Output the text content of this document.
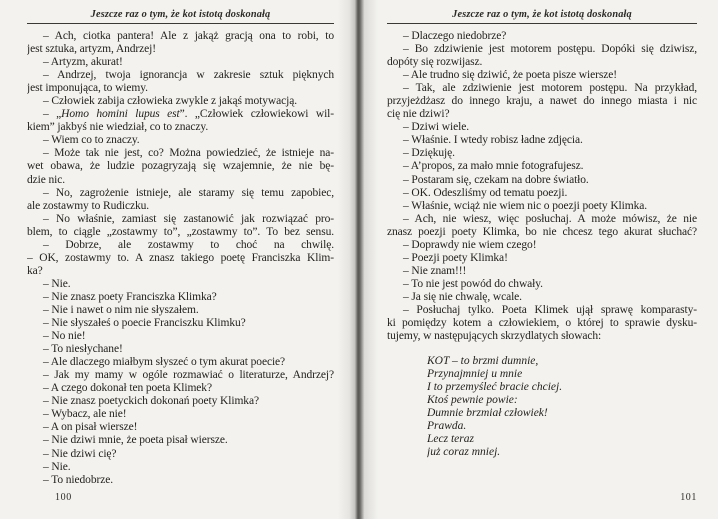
Jeszcze raz o tym, że kot istotą doskonałą
– Ach, ciotka pantera! Ale z jakąż gracją ona to robi, to
jest sztuka, artyzm, Andrzej!
– Artyzm, akurat!
– Andrzej, twoja ignorancja w zakresie sztuk pięknych
jest imponująca, to wiemy.
– Człowiek zabija człowieka zwykle z jakąś motywacją.
– „Homo homini lupus est”. „Człowiek człowiekowi wil-
kiem” jakbyś nie wiedział, co to znaczy.
– Wiem co to znaczy.
– Może tak nie jest, co? Można powiedzieć, że istnieje na-
wet obawa, że ludzie pozagryzają się wzajemnie, że nie bę-
dzie nic.
– No, zagrożenie istnieje, ale staramy się temu zapobiec,
ale zostawmy to Rudiczku.
– No właśnie, zamiast się zastanowić jak rozwiązać pro-
blem, to ciągle „zostawmy to”, „zostawmy to”. To bez sensu.
– Dobrze, ale zostawmy to choć na chwilę.
– OK, zostawmy to. A znasz takiego poetę Franciszka Klim-
ka?
– Nie.
– Nie znasz poety Franciszka Klimka?
– Nie i nawet o nim nie słyszałem.
– Nie słyszałeś o poecie Franciszku Klimku?
– No nie!
– To niesłychane!
– Ale dlaczego miałbym słyszeć o tym akurat poecie?
– Jak my mamy w ogóle rozmawiać o literaturze, Andrzej?
– A czego dokonał ten poeta Klimek?
– Nie znasz poetyckich dokonań poety Klimka?
– Wybacz, ale nie!
– A on pisał wiersze!
– Nie dziwi mnie, że poeta pisał wiersze.
– Nie dziwi cię?
– Nie.
– To niedobrze.
100
Jeszcze raz o tym, że kot istotą doskonałą
– Dlaczego niedobrze?
– Bo zdziwienie jest motorem postępu. Dopóki się dziwisz,
dopóty się rozwijasz.
– Ale trudno się dziwić, że poeta pisze wiersze!
– Tak, ale zdziwienie jest motorem postępu. Na przykład,
przyjeżdżasz do innego kraju, a nawet do innego miasta i nic
cię nie dziwi?
– Dziwi wiele.
– Właśnie. I wtedy robisz ładne zdjęcia.
– Dziękuję.
– A’propos, za mało mnie fotografujesz.
– Postaram się, czekam na dobre światło.
– OK. Odeszliśmy od tematu poezji.
– Właśnie, wciąż nie wiem nic o poezji poety Klimka.
– Ach, nie wiesz, więc posłuchaj. A może mówisz, że nie
znasz poezji poety Klimka, bo nie chcesz tego akurat słuchać?
– Doprawdy nie wiem czego!
– Poezji poety Klimka!
– Nie znam!!!
– To nie jest powód do chwały.
– Ja się nie chwalę, wcale.
– Posłuchaj tylko. Poeta Klimek ujął sprawę komparasty-
ki pomiędzy kotem a człowiekiem, o której to sprawie dysku-
tujemy, w następujących skrzydlatych słowach:
KOT – to brzmi dumnie,
Przynajmniej u mnie
I to przemyśleć bracie chciej.
Ktoś pewnie powie:
Dumnie brzmiał człowiek!
Prawda.
Lecz teraz
już coraz mniej.
101
